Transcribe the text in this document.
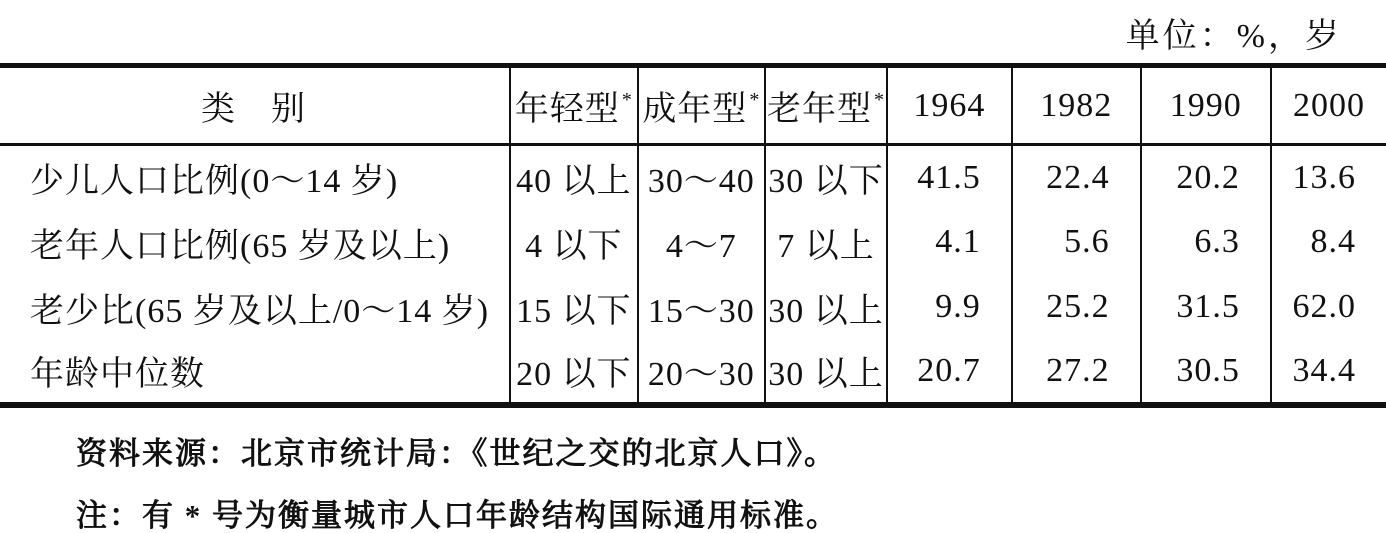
单位：%，岁
类　别	年轻型 *	成年型 *	老年型 *	1964	1982	1990	2000
少儿人口比例(0～14 岁)	40 以上	30～40	30 以下	41.5	22.4	20.2	13.6
老年人口比例(65 岁及以上)	4 以下	4～7	7 以上	4.1	5.6	6.3	8.4
老少比(65 岁及以上/0～14 岁)	15 以下	15～30	30 以上	9.9	25.2	31.5	62.0
年龄中位数	20 以下	20～30	30 以上	20.7	27.2	30.5	34.4

资料来源：北京市统计局：《世纪之交的北京人口》。

注：有 * 号为衡量城市人口年龄结构国际通用标准。
